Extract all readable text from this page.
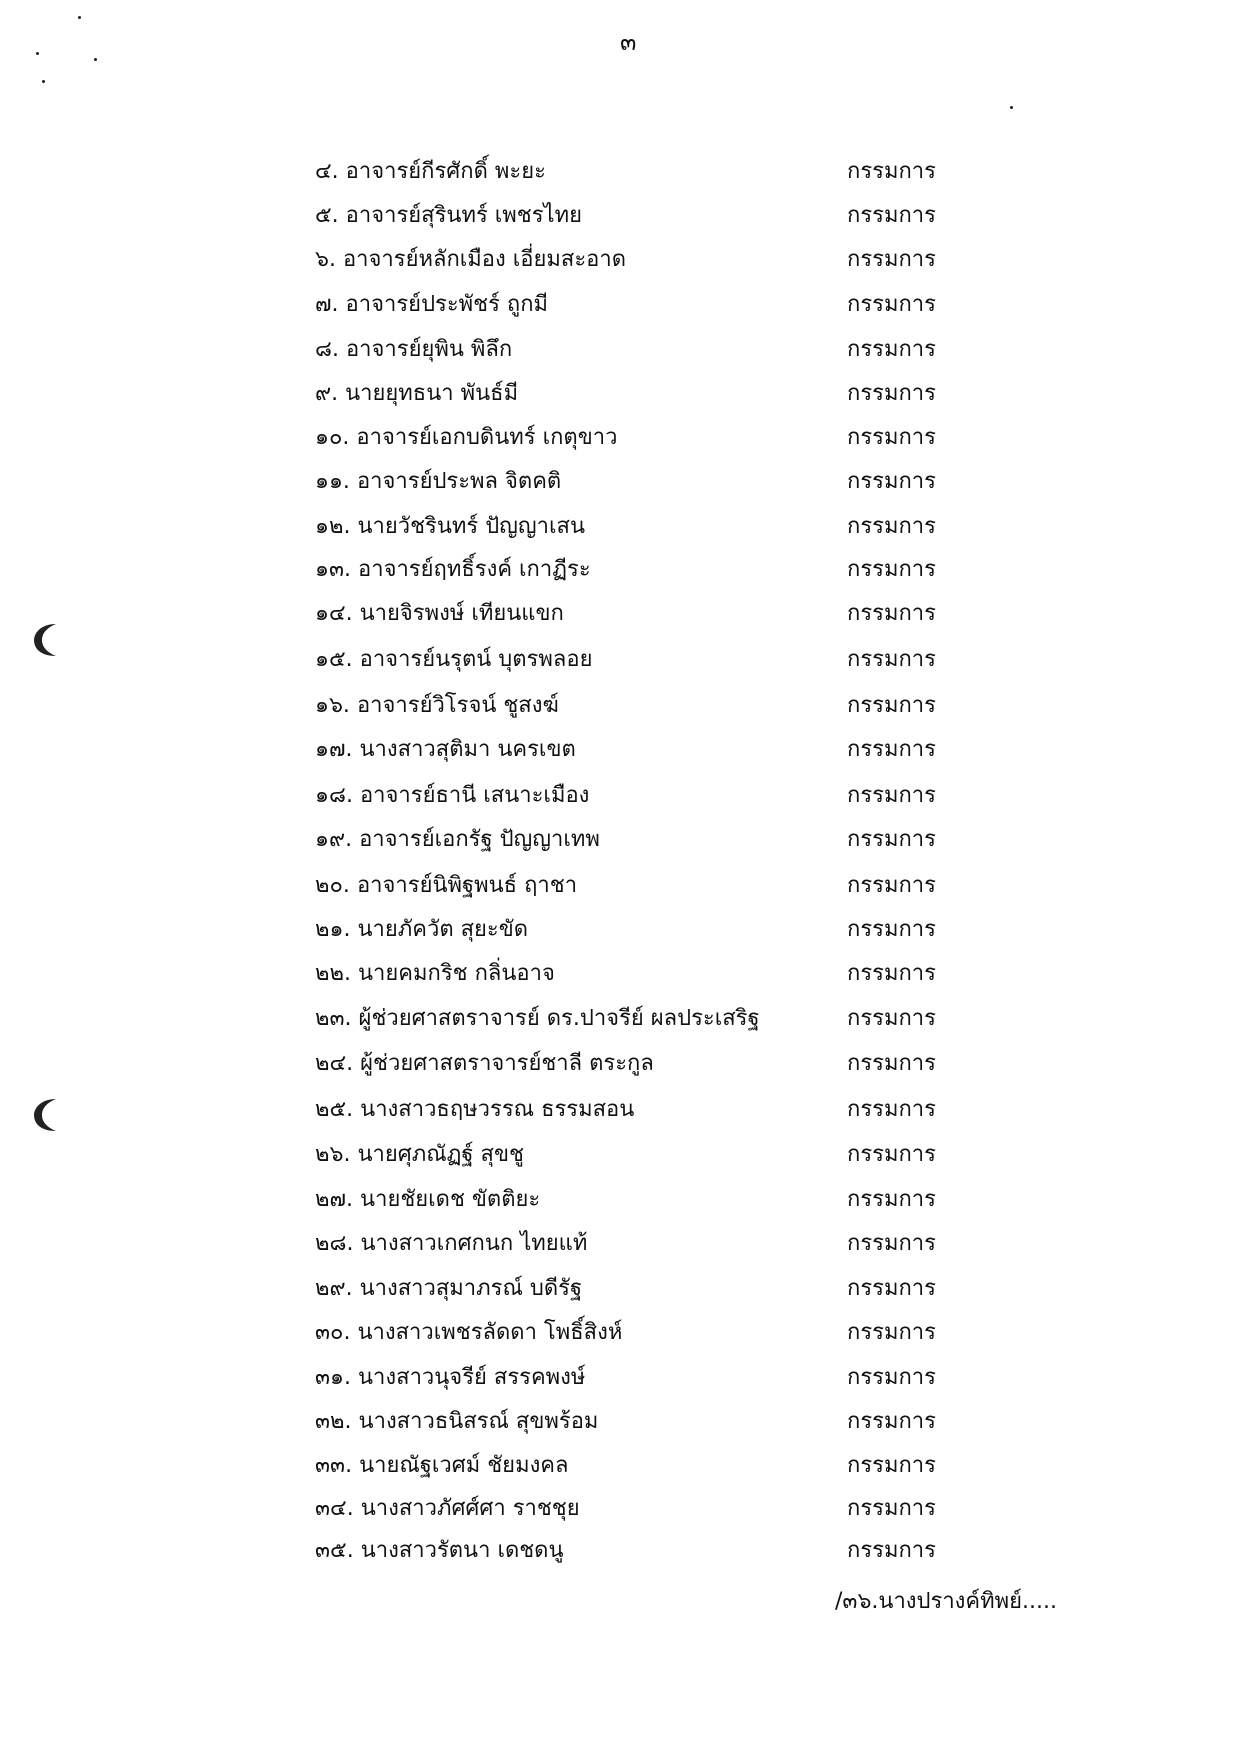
๓
๔. อาจารย์กีรศักดิ์ พะยะ	กรรมการ
๕. อาจารย์สุรินทร์ เพชรไทย	กรรมการ
๖. อาจารย์หลักเมือง เอี่ยมสะอาด	กรรมการ
๗. อาจารย์ประพัชร์ ถูกมี	กรรมการ
๘. อาจารย์ยุพิน พิลึก	กรรมการ
๙. นายยุทธนา พันธ์มี	กรรมการ
๑๐. อาจารย์เอกบดินทร์ เกตุขาว	กรรมการ
๑๑. อาจารย์ประพล จิตคติ	กรรมการ
๑๒. นายวัชรินทร์ ปัญญาเสน	กรรมการ
๑๓. อาจารย์ฤทธิ์รงค์ เกาฏีระ	กรรมการ
๑๔. นายจิรพงษ์ เทียนแขก	กรรมการ
๑๕. อาจารย์นรุตน์ บุตรพลอย	กรรมการ
๑๖. อาจารย์วิโรจน์ ชูสงฆ์	กรรมการ
๑๗. นางสาวสุติมา นครเขต	กรรมการ
๑๘. อาจารย์ธานี เสนาะเมือง	กรรมการ
๑๙. อาจารย์เอกรัฐ ปัญญาเทพ	กรรมการ
๒๐. อาจารย์นิพิฐพนธ์ ฤาชา	กรรมการ
๒๑. นายภัควัต สุยะขัด	กรรมการ
๒๒. นายคมกริช กลิ่นอาจ	กรรมการ
๒๓. ผู้ช่วยศาสตราจารย์ ดร.ปาจรีย์ ผลประเสริฐ	กรรมการ
๒๔. ผู้ช่วยศาสตราจารย์ชาลี ตระกูล	กรรมการ
๒๕. นางสาวธฤษวรรณ ธรรมสอน	กรรมการ
๒๖. นายศุภณัฏฐ์ สุขชู	กรรมการ
๒๗. นายชัยเดช ขัตติยะ	กรรมการ
๒๘. นางสาวเกศกนก ไทยแท้	กรรมการ
๒๙. นางสาวสุมาภรณ์ บดีรัฐ	กรรมการ
๓๐. นางสาวเพชรลัดดา โพธิ์สิงห์	กรรมการ
๓๑. นางสาวนุจรีย์ สรรคพงษ์	กรรมการ
๓๒. นางสาวธนิสรณ์ สุขพร้อม	กรรมการ
๓๓. นายณัฐเวศม์ ชัยมงคล	กรรมการ
๓๔. นางสาวภัศศ์ศา ราชชุย	กรรมการ
๓๕. นางสาวรัตนา เดชดนู	กรรมการ
/๓๖.นางปรางค์ทิพย์.....
